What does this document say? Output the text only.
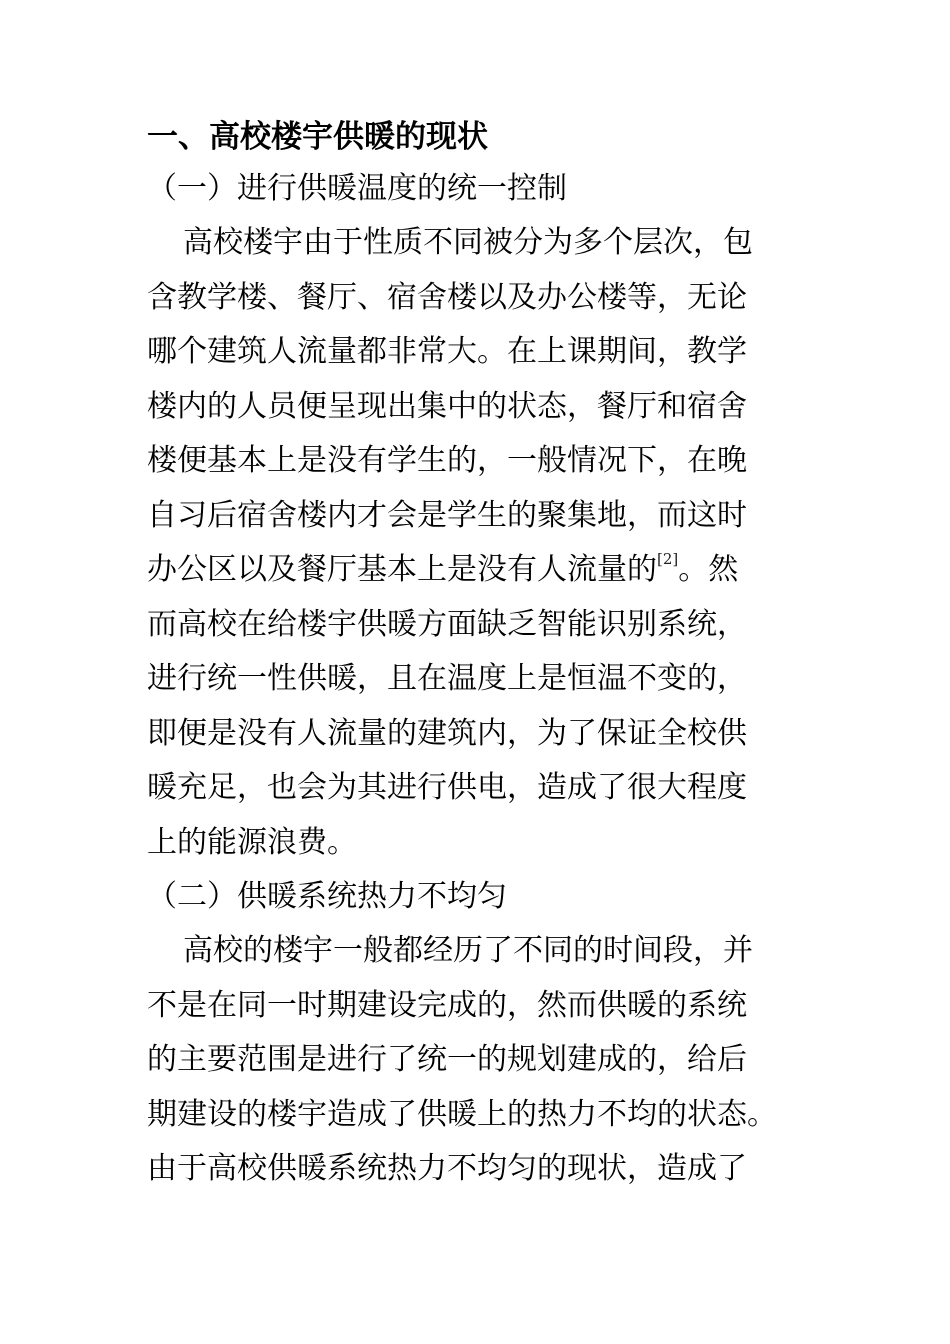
一、高校楼宇供暖的现状

（一）进行供暖温度的统一控制

高校楼宇由于性质不同被分为多个层次，包

含教学楼、餐厅、宿舍楼以及办公楼等，无论

哪个建筑人流量都非常大。在上课期间，教学

楼内的人员便呈现出集中的状态，餐厅和宿舍

楼便基本上是没有学生的，一般情况下，在晚

自习后宿舍楼内才会是学生的聚集地，而这时

办公区以及餐厅基本上是没有人流量的[2]。然

而高校在给楼宇供暖方面缺乏智能识别系统，

进行统一性供暖，且在温度上是恒温不变的，

即便是没有人流量的建筑内，为了保证全校供

暖充足，也会为其进行供电，造成了很大程度

上的能源浪费。

（二）供暖系统热力不均匀

高校的楼宇一般都经历了不同的时间段，并

不是在同一时期建设完成的，然而供暖的系统

的主要范围是进行了统一的规划建成的，给后

期建设的楼宇造成了供暖上的热力不均的状态。

由于高校供暖系统热力不均匀的现状，造成了
